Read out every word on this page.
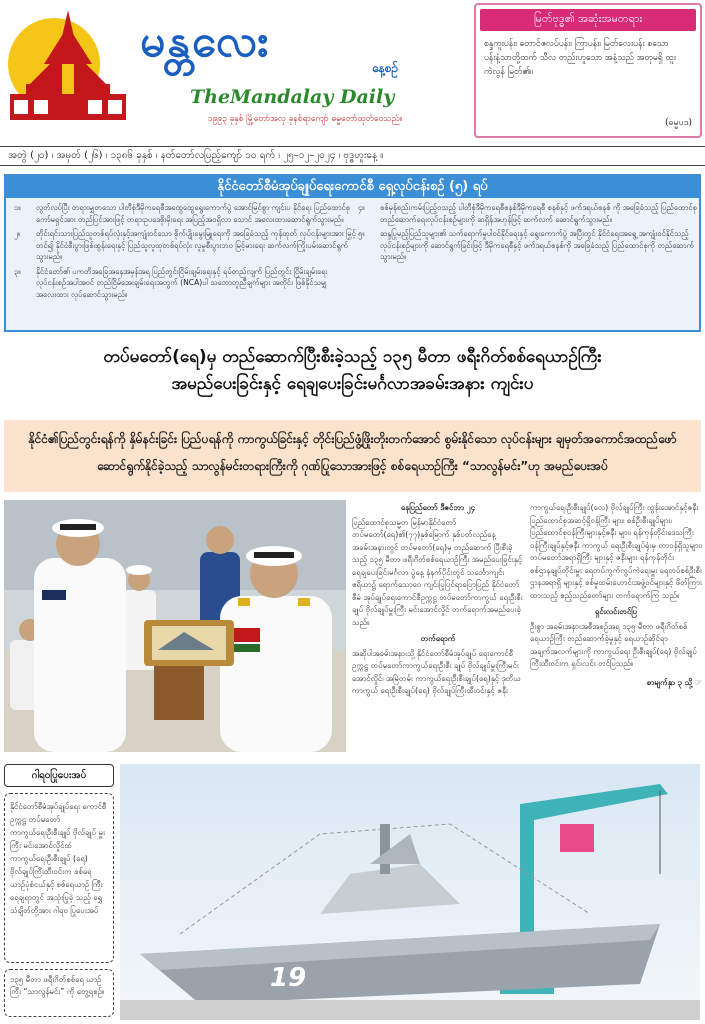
မန္တလေး
နေ့စဉ်
TheMandalay Daily
၁၉၉၃ ခုနှစ် မြို့တော်အလှ ခုနစ်ရာကျော် ဓမ္မတော်ထုတ်ဝေသည်။
မြတ်ဗုဒ္ဓ၏ အဆုံးအမတရား
စန္ဒကူးပန်း၊ တောင်ဇလပ်ပန်း၊ ကြာပန်း၊ မြတ်လေးပန်း စသော ပန်းနံ့သာတို့ထက် သီလ တည်းဟူသော အနံ့သည် အတုမရှိ ထူးကဲလွန် မြတ်၏။
(ဓမ္မပဒ)
အတွဲ (၂၀) ၊ အမှတ် (၂၆) ၊ ၁၃၈၆ ခုနှစ် ၊ နတ်တော်လပြည့်ကျော် ၁၀ ရက် ၊ ၂၅–၁၂–၂၀၂၄ ၊ ဗုဒ္ဓဟူးနေ့ ။
နိုင်ငံတော်စီမံအုပ်ချုပ်ရေးကောင်စီ ရှေ့လုပ်ငန်းစဉ် (၅) ရပ်
၁။	လွတ်လပ်ပြီး တရားမျှတသော ပါတီစုံဒီမိုကရေစီအထွေထွေရွေးကောက်ပွဲ အောင်မြင်စွာ ကျင်းပ နိုင်ရေး ပြည်ထောင်စုကော်မရှင်အား တည်ပြင်အားဖြင့် တရားဥပဒေစိုးမိုးရေး အပြည့်အဝရှိလာ သောင် အလေးထားဆောင်ရွက်သွားမည်။
၂။	တိုင်းရင်းသားပြည်သူတစ်ရပ်လုံးနှင့်အကျုံးဝင်သော စိုက်ပျိုးမွေးမြူရေးကို အခြေခံသည့် ကုန်ထုတ် လုပ်ငန်းများအား မြှင့်တင်၍ နိုင်ငံစီးပွားဖြစ်ထွန်းရေးနှင့် ပြည်သူလူထုတစ်ရပ်လုံး လူမှုစီးပွားဘဝ မြင့်မားရေး ဆက်လက်ကြိုးပမ်းဆောင်ရွက်သွားမည်။
၃။	နိုင်ငံတော်၏ ပကတိအခြေအနေအမှန်အရ ပြည်တွင်းငြိမ်းချမ်းရေးနှင့် ရပ်တည်လျက် ပြည်တွင်း ငြိမ်းချမ်းရေးလုပ်ငန်းစဉ်အပါအဝင် တည်ငြိမ်အေးချမ်းရေးအတွက် (NCA)ပါ သဘောတူညီချက်များ အတိုင်း ဖြစ်နိုင်သမျှ အလေးထား လုပ်ဆောင်သွားမည်။
၄။	စစ်မှန်စည်းကမ်းပြည့်ဝသည့် ပါတီစုံဒီမိုကရေစီစနစ်ဒီမိုကရေစီ စနစ်နှင့် ဖက်ဒရယ်စနစ် ကို အခြေခံသည့် ပြည်ထောင်စုတည်ဆောက်ရေးလုပ်ငန်းစဉ်များကို ဆရှိန်အဟုန်ဖြင့် ဆက်လက် ဆောင်ရွက်သွားမည်။
၅။	ဆန္ဒပြုမည့်ပြည်သူများ၏ သက်ရောက်မှုပါဝင်နိုင်ရေးနှင့် ရွေးကောက်ပွဲ အပြီးတွင် နိုင်ငံရေးအရွေ့ အကျုံးဝင်နိုင်သည့် လုပ်ငန်းစဉ်များကို ဆောင်ရွက်ခြင်းဖြင့် ဒီမိုကရေစီနှင့် ဖက်ဒရယ်စနစ်ကို အခြေခံသည့် ပြည်ထောင်စုကို တည်ဆောက်သွားမည်။
တပ်မတော်(ရေ)မှ တည်ဆောက်ပြီးစီးခဲ့သည့် ၁၃၅ မီတာ ဖရီးဂိတ်စစ်ရေယာဉ်ကြီး
အမည်ပေးခြင်းနှင့် ရေချပေးခြင်းမင်္ဂလာအခမ်းအနား ကျင်းပ
နိုင်ငံ၏ပြည်တွင်းရန်ကို နှိမ်နင်းခြင်း ပြည်ပရန်ကို ကာကွယ်ခြင်းနှင့် တိုင်းပြည်ဖွံ့ဖြိုးတိုးတက်အောင် စွမ်းနိုင်သော လုပ်ငန်းများ ချမှတ်အကောင်အထည်ဖော်
ဆောင်ရွက်နိုင်ခဲ့သည့် သာလွန်မင်းတရားကြီးကို ဂုဏ်ပြုသောအားဖြင့် စစ်ရေယာဉ်ကြီး “သာလွန်မင်း”ဟု အမည်ပေးအပ်
နေပြည်တော် ဒီဇင်ဘာ ၂၄
ပြည်ထောင်စုသမ္မတ မြန်မာနိုင်ငံတော် တပ်မတော်(ရေ)၏(၇၇)နှစ်မြောက် နှစ်ပတ်လည်နေ့ အခမ်းအနားတွင် တပ်မတော်(ရေ)မှ တည်ဆောက် ပြီးစီးခဲ့သည့် ၁၃၅ မီတာ ဖရီးဂိတ်စစ်ရေယာဉ်ကြီး အမည်ပေးခြင်းနှင့် ရေချပေးခြင်းမင်္ဂလာ ပွဲနေ့ နံနက်ပိုင်းတွင် သင်္ဘောကျင်းဧရိယာ၌ ရောက်သောဝေ ကျင်းပြုပြင်ရာပြောပြည် နိုင်ငံတော်စီမံ အုပ်ချုပ်ရေးကောင်စီဥက္ကဋ္ဌ တပ်မတော်ကာကွယ် ရေးဦးစီးချုပ် ဗိုလ်ချုပ်မှူးကြီး မင်းအောင်လှိုင် တက်ရောက်အမည်ပေးခဲ့သည်။
တက်ရောက်
အဆိုပါအခမ်းအနားသို့ နိုင်ငံတော်စီမံအုပ်ချုပ် ရေးကောင်စီဥက္ကဋ္ဌ တပ်မတော်ကာကွယ်ရေးဦးစီး ချုပ် ဗိုလ်ချုပ်မှူးကြီးမင်းအောင်လှိုင်၊ အမြဲတမ်း ကာကွယ်ရေးဦးစီးချုပ်(ရေ)နှင့် ဒုတိယကာကွယ် ရေးဦးစီးချုပ်(ရေ) ဗိုလ်ချုပ်ကြီးထီးဝင်းနှင့် ဇနီး
ကာကွယ်ရေးဦးစီးချုပ်(လေ) ဗိုလ်ချုပ်ကြီး ထွန်းအောင်နှင့်ဇနီးပြည်ထောင်စုအဆင့်ရှိဝန်ကြီး များ၊ စစ်ဦးစီးချုပ်များ၊ ပြည်ထောင်စုဝန်ကြီးများနှင့်ဇနီး များ၊ ရန်ကုန်တိုင်းဒေသကြီးဝန်ကြီးချုပ်နှင့်ဇနီး ကာကွယ် ရေးဦးစီးချုပ်ရုံးမှ တာဝန်ရှိသူများ၊ တပ်မတော်အရာရှိကြီး များနှင့် ဇနီးများ ရန်ကုန်တိုင်းစစ်ဌာနချုပ်တိုင်းမှူး ရေတပ်ကွက်ကွပ်ကဲရေးမှူး ရေတပ်စစ်ဦးစီးဌာနအရာရှိ များနှင့် စစ်မှုထမ်းဟောင်းအဖွဲ့ဝင်များနှင့် ဖိတ်ကြား ထားသည့် ဧည့်သည်တော်များ တက်ရောက်ကြ သည်။
ရှင်းလင်းတင်ပြ
ဦးစွာ အခမ်းအနားအစီအစဉ်အရ ၁၃၅ မီတာ ဖရီးဂိတ်စစ်ရေယာဉ်ကြီး တည်ဆောက်ခဲ့မှုနှင့် ရေယာဉ်ဆိုင်ရာအချက်အလက်များကို ကာကွယ်ရေး ဦးစီးချုပ်(ရေ) ဗိုလ်ချုပ်ကြီးထီးဝင်းက ရှင်းလင်း တင်ပြသည်။
စာမျက်နှာ ၃ သို့ ☞
ဂါရဝပြုပေးအပ်
နိုင်ငံတော်စီမံအုပ်ချုပ်ရေး ကောင်စီဥက္ကဋ္ဌ တပ်မတော် ကာကွယ်ရေးဦးစီးချုပ် ဗိုလ်ချုပ် မှူးကြီး မင်းအောင်လှိုင်ထံ ကာကွယ်ရေးဦးစီးချုပ် (ရေ) ဗိုလ်ချုပ်ကြီးထီးဝင်းက စစ်ရေ ယာဉ်ပုံစံငယ်နှင့် စစ်ရေယာဉ် ကြီး ရေချရာတွင် အသုံးပြုခဲ့ သည့် ရွှေသံချိတ်တို့အား ဂါရဝ ပြုပေးအပ်
၁၃၅ မီတာ ဖရီးဂိတ်စစ်ရေ ယာဉ်ကြီး “သာလွန်မင်း” ကို တွေ့ရစဉ်။	19
